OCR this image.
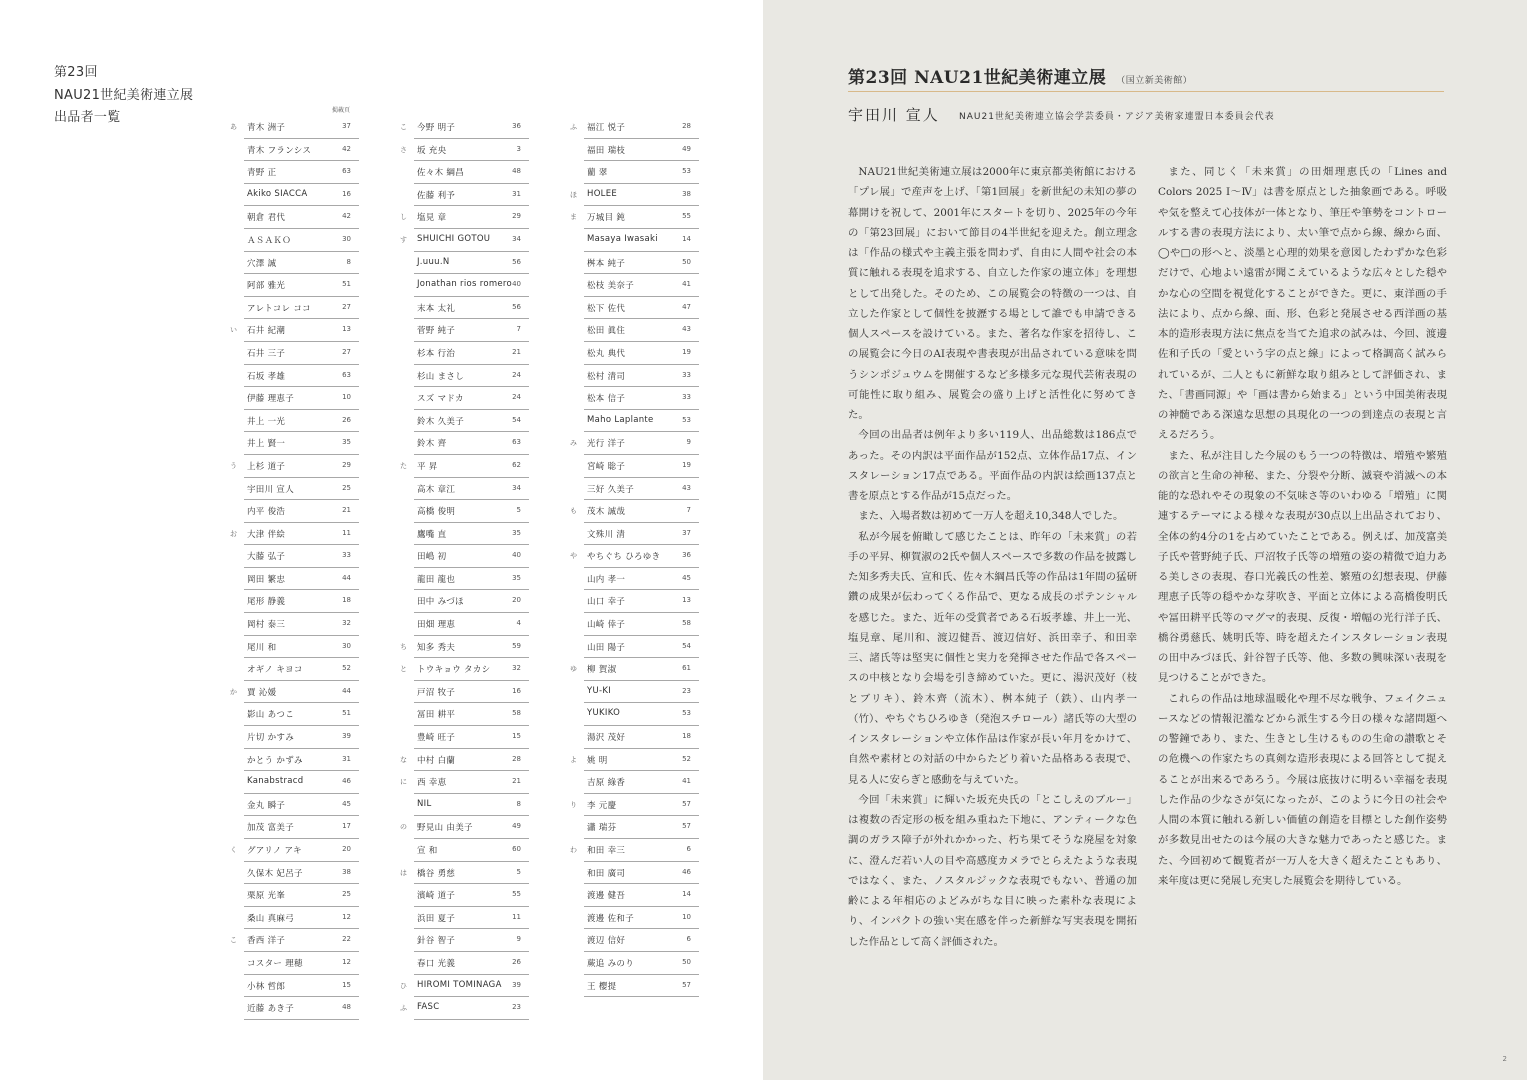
第23回
NAU21世紀美術連立展
出品者一覧	掲載頁
あ	青木 洲子	37
青木 フランシス	42
青野 正	63
Akiko SIACCA	16
朝倉 君代	42
ＡＳＡＫＯ	30
穴澤 誠	8
阿部 雅光	51
アレトコレ ココ	27
い	石井 紀潮	13
石井 三子	27
石坂 孝雄	63
伊藤 理恵子	10
井上 一光	26
井上 賢一	35
う	上杉 道子	29
宇田川 宣人	25
内平 俊浩	21
お	大津 伴絵	11
大藤 弘子	33
岡田 繁忠	44
尾形 静義	18
岡村 泰三	32
尾川 和	30
オギノ キヨコ	52
か	賈 沁媛	44
影山 あつこ	51
片切 かすみ	39
かとう かずみ	31
Kanabstracd	46
金丸 瞬子	45
加茂 富美子	17
く	グアリノ アキ	20
久保木 妃呂子	38
栗原 光峯	25
桑山 真麻弓	12
こ	香西 洋子	22
コスター 理穂	12
小林 哲郎	15
近藤 あき子	48
こ	今野 明子	36
さ	坂 充央	3
佐々木 綱昌	48
佐藤 利予	31
し	塩見 章	29
す	SHUICHI GOTOU	34
J.uuu.N	56
Jonathan rios romero 40
末本 太礼	56
菅野 純子	7
杉本 行治	21
杉山 まさし	24
スズ マドカ	24
鈴木 久美子	54
鈴木 齊	63
た	平 昇	62
高木 章江	34
高橋 俊明	5
鷹嘴 直	35
田嶋 初	40
龍田 龍也	35
田中 みづほ	20
田畑 理恵	4
ち	知多 秀夫	59
と	トウキョウ タカシ	32
戸沼 牧子	16
冨田 耕平	58
豊崎 旺子	15
な	中村 白蘭	28
に	西 幸恵	21
NIL	8
の	野見山 由美子	49
宣 和	60
は	橋谷 勇慈	5
濱崎 道子	55
浜田 夏子	11
針谷 智子	9
春口 光義	26
ひ	HIROMI TOMINAGA	39
ふ	FASC	23
ふ	福江 悦子	28
福田 瑞枝	49
藺 翠	53
ほ	HOLEE	38
ま	万城目 鈍	55
Masaya Iwasaki	14
桝本 純子	50
松枝 美奈子	41
松下 佐代	47
松田 眞住	43
松丸 典代	19
松村 清司	33
松本 信子	33
Maho Laplante	53
み	光行 洋子	9
宮崎 聡子	19
三好 久美子	43
も	茂木 誠哉	7
文殊川 清	37
や	やちぐち ひろゆき	36
山内 孝一	45
山口 幸子	13
山崎 倖子	58
山田 陽子	54
ゆ	柳 賀淑	61
YU-KI	23
YUKIKO	53
湯沢 茂好	18
よ	姚 明	52
吉原 綠香	41
り	李 元慶	57
瀟 瑞芬	57
わ	和田 幸三	6
和田 廣司	46
渡邊 健吾	14
渡邊 佐和子	10
渡辺 信好	6
蕨追 みのり	50
王 樱提	57
第23回 NAU21世紀美術連立展 （国立新美術館）
宇田川 宣人 NAU21世紀美術連立協会学芸委員・アジア美術家連盟日本委員会代表

NAU21世紀美術連立展は2000年に東京都美術館における「プレ展」で産声を上げ、「第1回展」を新世紀の未知の夢の幕開けを祝して、2001年にスタートを切り、2025年の今年の「第23回展」において節目の4半世紀を迎えた。創立理念は「作品の様式や主義主張を問わず、自由に人間や社会の本質に触れる表現を追求する、自立した作家の連立体」を理想として出発した。そのため、この展覧会の特徴の一つは、自立した作家として個性を披瀝する場として誰でも申請できる個人スペースを設けている。また、著名な作家を招待し、この展覧会に今日のAI表現や書表現が出品されている意味を問うシンポジュウムを開催するなど多様多元な現代芸術表現の可能性に取り組み、展覧会の盛り上げと活性化に努めてきた。

今回の出品者は例年より多い119人、出品総数は186点であった。その内訳は平面作品が152点、立体作品17点、インスタレーション17点である。平面作品の内訳は絵画137点と書を原点とする作品が15点だった。

また、入場者数は初めて一万人を超え10,348人でした。

私が今展を俯瞰して感じたことは、昨年の「未来賞」の若手の平昇、柳賀淑の2氏や個人スペースで多数の作品を披露した知多秀夫氏、宣和氏、佐々木綱昌氏等の作品は1年間の猛研鑽の成果が伝わってくる作品で、更なる成長のポテンシャルを感じた。また、近年の受賞者である石坂孝雄、井上一光、塩見章、尾川和、渡辺健吾、渡辺信好、浜田幸子、和田幸三、諸氏等は堅実に個性と実力を発揮させた作品で各スペースの中核となり会場を引き締めていた。更に、湯沢茂好（枝とブリキ）、鈴木齊（流木）、桝本純子（鉄）、山内孝一（竹）、やちぐちひろゆき（発泡スチロール）諸氏等の大型のインスタレーションや立体作品は作家が長い年月をかけて、自然や素材との対話の中からたどり着いた品格ある表現で、見る人に安らぎと感動を与えていた。

今回「未来賞」に輝いた坂充央氏の「とこしえのブルー」は複数の否定形の板を組み重ねた下地に、アンティークな色調のガラス障子が外れかかった、朽ち果てそうな廃屋を対象に、澄んだ若い人の目や高感度カメラでとらえたような表現ではなく、また、ノスタルジックな表現でもない、普通の加齢による年相応のよどみがちな目に映った素朴な表現により、インパクトの強い実在感を伴った新鮮な写実表現を開拓した作品として高く評価された。

また、同じく「未来賞」の田畑理恵氏の「Lines and Colors 2025 Ⅰ〜Ⅳ」は書を原点とした抽象画である。呼吸や気を整えて心技体が一体となり、筆圧や筆勢をコントロールする書の表現方法により、太い筆で点から線、線から面、◯や□の形へと、淡墨と心理的効果を意図したわずかな色彩だけで、心地よい遠雷が聞こえているような広々とした穏やかな心の空間を視覚化することができた。更に、東洋画の手法により、点から線、面、形、色彩と発展させる西洋画の基本的造形表現方法に焦点を当てた追求の試みは、今回、渡邊佐和子氏の「愛という字の点と線」によって格調高く試みられているが、二人ともに新鮮な取り組みとして評価され、また、「書画同源」や「画は書から始まる」という中国美術表現の神髄である深遠な思想の具現化の一つの到達点の表現と言えるだろう。

また、私が注目した今展のもう一つの特徴は、増殖や繁殖の欲言と生命の神秘、また、分裂や分断、滅衰や消滅への本能的な恐れやその現象の不気味さ等のいわゆる「増殖」に関連するテーマによる様々な表現が30点以上出品されており、全体の約4分の1を占めていたことである。例えば、加茂富美子氏や菅野純子氏、戸沼牧子氏等の増殖の姿の精微で迫力ある美しさの表現、春口光義氏の性差、繁殖の幻想表現、伊藤理恵子氏等の穏やかな芽吹き、平面と立体による高橋俊明氏や冨田耕平氏等のマグマ的表現、反復・増幅の光行洋子氏、橋谷勇慈氏、姚明氏等、時を超えたインスタレーション表現の田中みづほ氏、針谷智子氏等、他、多数の興味深い表現を見つけることができた。

これらの作品は地球温暖化や理不尽な戦争、フェイクニュースなどの情報氾濫などから派生する今日の様々な諸問題への警鐘であり、また、生きとし生けるものの生命の讃歌とその危機への作家たちの真剣な造形表現による回答として捉えることが出来るであろう。今展は底抜けに明るい幸福を表現した作品の少なさが気になったが、このように今日の社会や人間の本質に触れる新しい価値の創造を目標とした創作姿勢が多数見出せたのは今展の大きな魅力であったと感じた。また、今回初めて観覧者が一万人を大きく超えたこともあり、来年度は更に発展し充実した展覧会を期待している。

2
